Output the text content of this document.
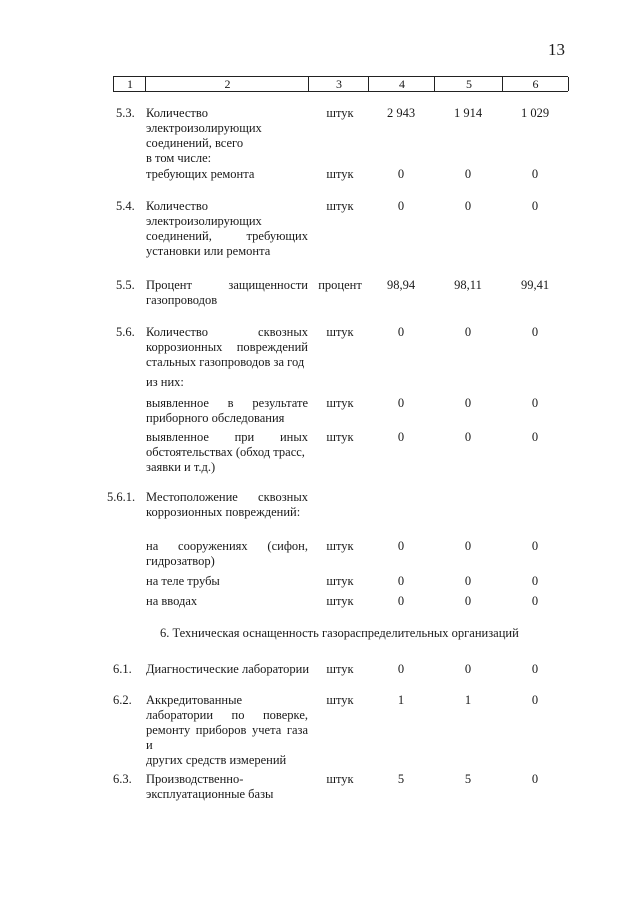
13
1	2	3	4	5	6
5.3. Количество
электроизолирующих
соединений, всего
в том числе:
штук	2 943	1 914	1 029
требующих ремонта	штук	0	0	0
5.4. Количество
электроизолирующих
соединений, требующих
установки или ремонта
штук	0	0	0
5.5. Процент защищенности
газопроводов
процент	98,94	98,11	99,41
5.6. Количество сквозных
коррозионных повреждений
стальных газопроводов за год
штук	0	0	0
из них:
выявленное в результате
приборного обследования
штук	0	0	0
выявленное при иных
обстоятельствах (обход трасс,
заявки и т.д.)
штук	0	0	0
5.6.1. Местоположение сквозных
коррозионных повреждений:
на сооружениях (сифон,
гидрозатвор)
штук	0	0	0
на теле трубы	штук	0	0	0
на вводах	штук	0	0	0
6. Техническая оснащенность газораспределительных организаций
6.1. Диагностические лаборатории	штук	0	0	0
6.2. Аккредитованные
лаборатории по поверке,
ремонту приборов учета газа и
других средств измерений
штук	1	1	0
6.3. Производственно-
эксплуатационные базы
штук	5	5	0
